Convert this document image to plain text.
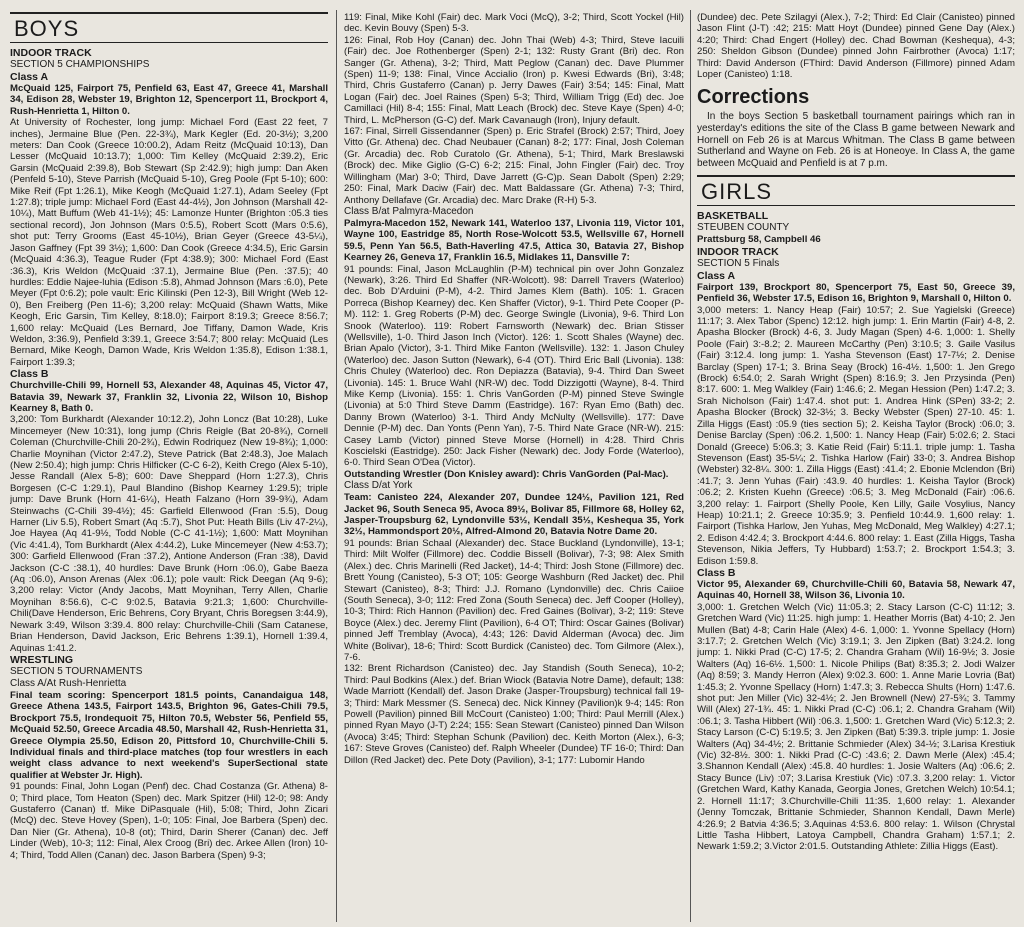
BOYS

INDOOR TRACK

SECTION 5 CHAMPIONSHIPS

Class A

McQuaid 125, Fairport 75, Penfield 63, East 47, Greece 41, Marshall 34, Edison 28, Webster 19, Brighton 12, Spencerport 11, Brockport 4, Rush-Henrietta 1, Hilton 0.

At University of Rochester, long jump: Michael Ford (East 22 feet, 7 inches), Jermaine Blue (Pen. 22-3¾), Mark Kegler (Ed. 20-3½); 3,200 meters: Dan Cook (Greece 10:00.2), Adam Reitz (McQuaid 10:13), Dan Lesser (McQuaid 10:13.7); 1,000: Tim Kelley (McQuaid 2:39.2), Eric Garsin (McQuaid 2:39.8), Bob Stewart (Sp 2:42.9); high jump: Dan Aken (Penfeld 5-10), Steve Parrish (McQuaid 5-10), Greg Poole (Fpt 5-10); 600: Mike Reif (Fpt 1:26.1), Mike Keogh (McQuaid 1:27.1), Adam Seeley (Fpt 1:27.8); triple jump: Michael Ford (East 44-4½), Jon Johnson (Marshall 42-10¼), Matt Buffum (Web 41-1½); 45: Lamonze Hunter (Brighton :05.3 ties sectional record), Jon Johnson (Mars 0:5.5), Robert Scott (Mars 0:5.6), shot put: Terry Grooms (East 45-10½), Brian Geyer (Greece 43-5¼), Jason Gaffney (Fpt 39 3½); 1,600: Dan Cook (Greece 4:34.5), Eric Garsin (McQuaid 4:36.3), Teague Ruder (Fpt 4:38.9); 300: Michael Ford (East :36.3), Kris Weldon (McQuaid :37.1), Jermaine Blue (Pen. :37.5); 40 hurdles: Eddie Najee-luhia (Edison :5.8), Ahmad Johnson (Mars :6.0), Pete Meyer (Fpt 0:6.2); pole vault: Eric Kilinski (Pen 12-3), Bill Wright (Web 12-0), Ben Freiberg (Pen 11-6); 3,200 relay: McQuaid (Shawn Watts, Mike Keogh, Eric Garsin, Tim Kelley, 8:18.0); Fairport 8:19.3; Greece 8:56.7; 1,600 relay: McQuaid (Les Bernard, Joe Tiffany, Damon Wade, Kris Weldon, 3:36.9), Penfield 3:39.1, Greece 3:54.7; 800 relay: McQuaid (Les Bernard, Mike Keogh, Damon Wade, Kris Weldon 1:35.8), Edison 1:38.1, Fairport 1:39.3;

Class B

Churchville-Chili 99, Hornell 53, Alexander 48, Aquinas 45, Victor 47, Batavia 39, Newark 37, Franklin 32, Livonia 22, Wilson 10, Bishop Kearney 8, Bath 0.

3,200: Tom Burkhardt (Alexander 10:12.2), John Loncz (Bat 10:28), Luke Mincemeyer (New 10:31), long jump (Chris Reigle (Bat 20-8¾), Cornell Coleman (Churchville-Chili 20-2¾), Edwin Rodriquez (New 19-8¾); 1,000: Charlie Moynihan (Victor 2:47.2), Steve Patrick (Bat 2:48.3), Joe Malach (New 2:50.4); high jump: Chris Hilficker (C-C 6-2), Keith Crego (Alex 5-10), Jesse Randall (Alex 5-8); 600: Dave Sheppard (Horn 1:27.3), Chris Borgesen (C-C 1:29.1), Paul Blandino (Bishop Kearney 1:29.5); triple jump: Dave Brunk (Horn 41-6¼), Heath Falzano (Horn 39-9¾), Adam Steinwachs (C-Chili 39-4½); 45: Garfield Ellenwood (Fran :5.5), Doug Harner (Liv 5.5), Robert Smart (Aq :5.7), Shot Put: Heath Bills (Liv 47-2¼), Joe Hayea (Aq 41-9½, Todd Noble (C-C 41-1½); 1,600: Matt Moynihan (Vic 4:41.4), Tom Burkhardt (Alex 4:44.2), Luke Mincemeyer (New 4:53.7); 300: Garfield Ellenwood (Fran :37.2), Antione Anderson (Fran :38), David Jackson (C-C :38.1), 40 hurdles: Dave Brunk (Horn :06.0), Gabe Baeza (Aq :06.0), Anson Arenas (Alex :06.1); pole vault: Rick Deegan (Aq 9-6); 3,200 relay: Victor (Andy Jacobs, Matt Moynihan, Terry Allen, Charlie Moynihan 8:56.6), C-C 9:02.5, Batavia 9:21.3; 1,600: Churchville-Chili(Dave Henderson, Eric Behrens, Cory Bryant, Chris Boregsen 3:44.9), Newark 3:49, Wilson 3:39.4. 800 relay: Churchville-Chili (Sam Catanese, Brian Henderson, David Jackson, Eric Behrens 1:39.1), Hornell 1:39.4, Aquinas 1:41.2.

WRESTLING

SECTION 5 TOURNAMENTS

Class A/At Rush-Henrietta

Final team scoring: Spencerport 181.5 points, Canandaigua 148, Greece Athena 143.5, Fairport 143.5, Brighton 96, Gates-Chili 79.5, Brockport 75.5, Irondequoit 75, Hilton 70.5, Webster 56, Penfield 55, McQuaid 52.50, Greece Arcadia 48.50, Marshall 42, Rush-Henrietta 31, Greece Olympia 25.50, Edison 20, Pittsford 10, Churchville-Chili 5. Individual finals and third-place matches (top four wrestlers in each weight class advance to next weekend's SuperSectional state qualifier at Webster Jr. High).

91 pounds: Final, John Logan (Penf) dec. Chad Costanza (Gr. Athena) 8-0; Third place, Tom Heaton (Spen) dec. Mark Spitzer (Hil) 12-0; 98: Andy Gustaferro (Canan) tf. Mike DiPasquale (Hil), 5:08; Third, John Zicari (McQ) dec. Steve Hovey (Spen), 1-0; 105: Final, Joe Barbera (Spen) dec. Dan Nier (Gr. Athena), 10-8 (ot); Third, Darin Sherer (Canan) dec. Jeff Linder (Web), 10-3; 112: Final, Alex Croog (Bri) dec. Arkee Allen (Iron) 10-4; Third, Todd Allen (Canan) dec. Jason Barbera (Spen) 9-3;

119: Final, Mike Kohl (Fair) dec. Mark Voci (McQ), 3-2; Third, Scott Yockel (Hil) dec. Kevin Bouvy (Spen) 5-3.

126: Final, Rob Hoy (Canan) dec. John Thai (Web) 4-3; Third, Steve Iacuili (Fair) dec. Joe Rothenberger (Spen) 2-1; 132: Rusty Grant (Bri) dec. Ron Sanger (Gr. Athena), 3-2; Third, Matt Peglow (Canan) dec. Dave Plummer (Spen) 11-9; 138: Final, Vince Accialio (Iron) p. Kwesi Edwards (Bri), 3:48; Third, Chris Gustaferro (Canan) p. Jerry Dawes (Fair) 3:54; 145: Final, Matt Logan (Fair) dec. Joel Raines (Spen) 5-3; Third, William Trigg (Ed) dec. Joe Camillaci (Hil) 8-4; 155: Final, Matt Leach (Brock) dec. Steve Kaye (Spen) 4-0; Third, L. McPherson (G-C) def. Mark Cavanaugh (Iron), Injury default.

167: Final, Sirrell Gissendanner (Spen) p. Eric Strafel (Brock) 2:57; Third, Joey Vitto (Gr. Athena) dec. Chad Neubauer (Canan) 8-2; 177: Final, Josh Coleman (Gr. Arcadia) dec. Rob Curatolo (Gr. Athena), 5-1; Third, Mark Breslawski (Brock) dec. Mike Giglio (G-C) 6-2; 215: Final, John Fingler (Fair) dec. Troy Willingham (Mar) 3-0; Third, Dave Jarrett (G-C)p. Sean Dabolt (Spen) 2:29; 250: Final, Mark Daciw (Fair) dec. Matt Baldassare (Gr. Athena) 7-3; Third, Anthony Dellafave (Gr. Arcadia) dec. Marc Drake (R-H) 5-3.

Class B/at Palmyra-Macedon

Palmyra-Macedon 152, Newark 141, Waterloo 137, Livonia 119, Victor 101, Wayne 100, Eastridge 85, North Rose-Wolcott 53.5, Wellsville 67, Hornell 59.5, Penn Yan 56.5, Bath-Haverling 47.5, Attica 30, Batavia 27, Bishop Kearney 26, Geneva 17, Franklin 16.5, Midlakes 11, Dansville 7:

91 pounds: Final, Jason McLaughlin (P-M) technical pin over John Gonzalez (Newark), 3:26. Third Ed Shaffer (NR-Wolcott). 98: Darrell Travers (Waterloo) dec. Bob D'Arduini (P-M), 4-2. Third James Klem (Bath). 105: 1. Gracen Porreca (Bishop Kearney) dec. Ken Shaffer (Victor), 9-1. Third Pete Cooper (P-M). 112: 1. Greg Roberts (P-M) dec. George Swingle (Livonia), 9-6. Third Lon Snook (Waterloo). 119: Robert Farnsworth (Newark) dec. Brian Stisser (Wellsville), 1-0. Third Jason Inch (Victor). 126: 1. Scott Shales (Wayne) dec. Brian Apalo (Victor), 3-1. Third Mike Fanton (Wellsville). 132: 1. Jason Chuley (Waterloo) dec. Jason Sutton (Newark), 6-4 (OT). Third Eric Ball (Livonia). 138: Chris Chuley (Waterloo) dec. Ron Depiazza (Batavia), 9-4. Third Dan Sweet (Livonia). 145: 1. Bruce Wahl (NR-W) dec. Todd Dizzigotti (Wayne), 8-4. Third Mike Kemp (Livonia). 155: 1. Chris VanGorden (P-M) pinned Steve Swingle (Livonia) at 5:0 Third Steve Damm (Eastridge). 167: Ryan Emo (Bath) dec. Danny Brown (Waterloo) 3-1. Third Andy McNulty (Wellsville). 177: Dave Dennie (P-M) dec. Dan Yonts (Penn Yan), 7-5. Third Nate Grace (NR-W). 215: Casey Lamb (Victor) pinned Steve Morse (Hornell) in 4:28. Third Chris Koscielski (Eastridge). 250: Jack Fisher (Newark) dec. Jody Forde (Waterloo), 6-0. Third Sean O'Dea (Victor).

Outstanding Wrestler (Don Knisley award): Chris VanGorden (Pal-Mac).

Class D/at York

Team: Canisteo 224, Alexander 207, Dundee 124½, Pavilion 121, Red Jacket 96, South Seneca 95, Avoca 89½, Bolivar 85, Fillmore 68, Holley 62, Jasper-Troupsburg 62, Lyndonville 53½, Kendall 35½, Keshequa 35, York 32½, Hammondsport 20½, Alfred-Almond 20, Batavia Notre Dame 20.

91 pounds: Brian Schaal (Alexander) dec. Stace Buckland (Lyndonville), 13-1; Third: Milt Wolfer (Fillmore) dec. Coddie Bissell (Bolivar), 7-3; 98: Alex Smith (Alex.) dec. Chris Marinelli (Red Jacket), 14-4; Third: Josh Stone (Fillmore) dec. Brett Young (Canisteo), 5-3 OT; 105: George Washburn (Red Jacket) dec. Phil Stewart (Canisteo), 8-3; Third: J.J. Romano (Lyndonville) dec. Chris Caiioe (South Seneca), 3-0; 112: Fred Zona (South Seneca) dec. Jeff Cooper (Holley), 10-3; Third: Rich Hannon (Pavilion) dec. Fred Gaines (Bolivar), 3-2; 119: Steve Boyce (Alex.) dec. Jeremy Flint (Pavilion), 6-4 OT; Third: Oscar Gaines (Bolivar) pinned Jeff Tremblay (Avoca), 4:43; 126: David Alderman (Avoca) dec. Jim White (Bolivar), 18-6; Third: Scott Burdick (Canisteo) dec. Tom Gilmore (Alex.), 7-6.

132: Brent Richardson (Canisteo) dec. Jay Standish (South Seneca), 10-2; Third: Paul Bodkins (Alex.) def. Brian Wiock (Batavia Notre Dame), default; 138: Wade Marriott (Kendall) def. Jason Drake (Jasper-Troupsburg) technical fall 19-3; Third: Mark Messmer (S. Seneca) dec. Nick Kinney (Pavilion)k 9-4; 145: Ron Powell (Pavilion) pinned Bill McCourt (Canisteo) 1:00; Third: Paul Merrill (Alex.) pinned Ryan Mayo (J-T) 2:24; 155: Sean Stewart (Canisteo) pinned Dan Wilson (Avoca) 3:45; Third: Stephan Schunk (Pavilion) dec. Keith Morton (Alex.), 6-3; 167: Steve Groves (Canisteo) def. Ralph Wheeler (Dundee) TF 16-0; Third: Dan Dillon (Red Jacket) dec. Pete Doty (Pavilion), 3-1; 177: Lubomir Hando

(Dundee) dec. Pete Szilagyi (Alex.), 7-2; Third: Ed Clair (Canisteo) pinned Jason Flint (J-T) :42; 215: Matt Hoyt (Dundee) pinned Gene Day (Alex.) 4:20; Third: Chad Engert (Holley) dec. Chad Bowman (Keshequa), 4-3; 250: Sheldon Gibson (Dundee) pinned John Fairbrother (Avoca) 1:17; Third: David Anderson (FThird: David Anderson (Fillmore) pinned Adam Loper (Canisteo) 1:18.

Corrections

In the boys Section 5 basketball tournament pairings which ran in yesterday's editions the site of the Class B game between Newark and Hornell on Feb 26 is at Marcus Whitman. The Class B game between Sutherland and Wayne on Feb. 26 is at Honeoye. In Class A, the game between McQuaid and Penfield is at 7 p.m.

GIRLS

BASKETBALL

STEUBEN COUNTY

Prattsburg 58, Campbell 46

INDOOR TRACK

SECTION 5 Finals

Class A

Fairport 139, Brockport 80, Spencerport 75, East 50, Greece 39, Penfield 36, Webster 17.5, Edison 16, Brighton 9, Marshall 0, Hilton 0.

3,000 meters: 1. Nancy Heap (Fair) 10:57; 2. Sue Yagielski (Greece) 11:17; 3. Alex Tabor (Spenc) 12:12. high jump: 1. Erin Martin (Fair) 4-8, 2. Apasha Blocker (Brock) 4-6, 3. Judy Magan (Spen) 4-6. 1,000: 1. Shelly Poole (Fair) 3:-8.2; 2. Maureen McCarthy (Pen) 3:10.5; 3. Gaile Vasilus (Fair) 3:12.4. long jump: 1. Yasha Stevenson (East) 17-7½; 2. Denise Barclay (Spen) 17-1; 3. Brina Seay (Brock) 16-4½. 1,500: 1. Jen Grego (Brock) 6:54.0; 2. Sarah Wright (Spen) 8:16.9; 3. Jen Przysinda (Pen) 8:17. 600: 1. Meg Walkley (Fair) 1:46.6; 2. Megan Hession (Pen) 1:47.2; 3. Srah Nicholson (Fair) 1:47.4. shot put: 1. Andrea Hink (SPen) 33-2; 2. Apasha Blocker (Brock) 32-3½; 3. Becky Webster (Spen) 27-10. 45: 1. Zilla Higgs (East) :05.9 (ties section 5); 2. Keisha Taylor (Brock) :06.0; 3. Denise Barclay (Spen) :06.2. 1,500: 1. Nancy Heap (Fair) 5:02.6; 2. Staci Donald (Greece) 5:06.3; 3. Katie Reid (Fair) 5:11.1. triple jump: 1. Tasha Stevenson (East) 35-5¼; 2. Tishka Harlow (Fair) 33-0; 3. Andrea Bishop (Webster) 32-8¼. 300: 1. Zilla Higgs (East) :41.4; 2. Ebonie Mclendon (Bri) :41.7; 3. Jenn Yuhas (Fair) :43.9. 40 hurdles: 1. Keisha Taylor (Brock) :06.2; 2. Kristen Kuehn (Greece) :06.5; 3. Meg McDonald (Fair) :06.6. 3,200 relay: 1. Fairport (Shelly Poole, Ken Lilly, Gaile Vosylius, Nancy Heap) 10:21.1; 2. Greece 10:35.9; 3. Penfield 10:44.9. 1,600 relay: 1. Fairport (Tishka Harlow, Jen Yuhas, Meg McDonald, Meg Walkley) 4:27.1; 2. Edison 4:42.4; 3. Brockport 4:44.6. 800 relay: 1. East (Zilla Higgs, Tasha Stevenson, Nikia Jeffers, Ty Hubbard) 1:53.7; 2. Brockport 1:54.3; 3. Edison 1:59.8.

Class B

Victor 95, Alexander 69, Churchville-Chili 60, Batavia 58, Newark 47, Aquinas 40, Hornell 38, Wilson 36, Livonia 10.

3,000: 1. Gretchen Welch (Vic) 11:05.3; 2. Stacy Larson (C-C) 11:12; 3. Gretchen Ward (Vic) 11:25. high jump: 1. Heather Morris (Bat) 4-10; 2. Jen Mullen (Bat) 4-8; Carin Hale (Alex) 4-6. 1,000: 1. Yvonne Spellacy (Horn) 3:17.7; 2. Gretchen Welch (Vic) 3:19.1; 3. Jen Zipken (Bat) 3:24.2. long jump: 1. Nikki Prad (C-C) 17-5; 2. Chandra Graham (Wil) 16-9½; 3. Josie Walters (Aq) 16-6½. 1,500: 1. Nicole Philips (Bat) 8:35.3; 2. Jodi Walzer (Aq) 8:59; 3. Mandy Herron (Alex) 9:02.3. 600: 1. Anne Marie Lovria (Bat) 1:45.3; 2. Yvonne Spellacy (Horn) 1:47.3; 3. Rebecca Shults (Horn) 1:47.6. shot put: Jen Miller (Vic) 32-4½; 2. Jen Brownell (New) 27-5¾; 3. Tammy Will (Alex) 27-1¾. 45: 1. Nikki Prad (C-C) :06.1; 2. Chandra Graham (Wil) :06.1; 3. Tasha Hibbert (Wil) :06.3. 1,500: 1. Gretchen Ward (Vic) 5:12.3; 2. Stacy Larson (C-C) 5:19.5; 3. Jen Zipken (Bat) 5:39.3. triple jump: 1. Josie Walters (Aq) 34-4½; 2. Brittanie Schmieder (Alex) 34-½; 3.Larisa Krestiuk (Vic) 32-8½. 300: 1. Nikki Prad (C-C) :43.6; 2. Dawn Merle (Alex) :45.4; 3.Shannon Kendall (Alex) :45.8. 40 hurdles: 1. Josie Walters (Aq) :06.6; 2. Stacy Bunce (Liv) :07; 3.Larisa Krestiuk (Vic) :07.3. 3,200 relay: 1. Victor (Gretchen Ward, Kathy Kanada, Georgia Jones, Gretchen Welch) 10:54.1; 2. Hornell 11:17; 3.Churchville-Chili 11:35. 1,600 relay: 1. Alexander (Jenny Tomczak, Brittanie Schmieder, Shannon Kendall, Dawn Merle) 4:26.9; 2 Batvia 4:36.5; 3.Aquinas 4:53.6. 800 relay: 1. Wilson (Chrystal Little Tasha Hibbert, Latoya Campbell, Chandra Graham) 1:57.1; 2. Newark 1:59.2; 3.Victor 2:01.5. Outstanding Athlete: Zillia Higgs (East).
